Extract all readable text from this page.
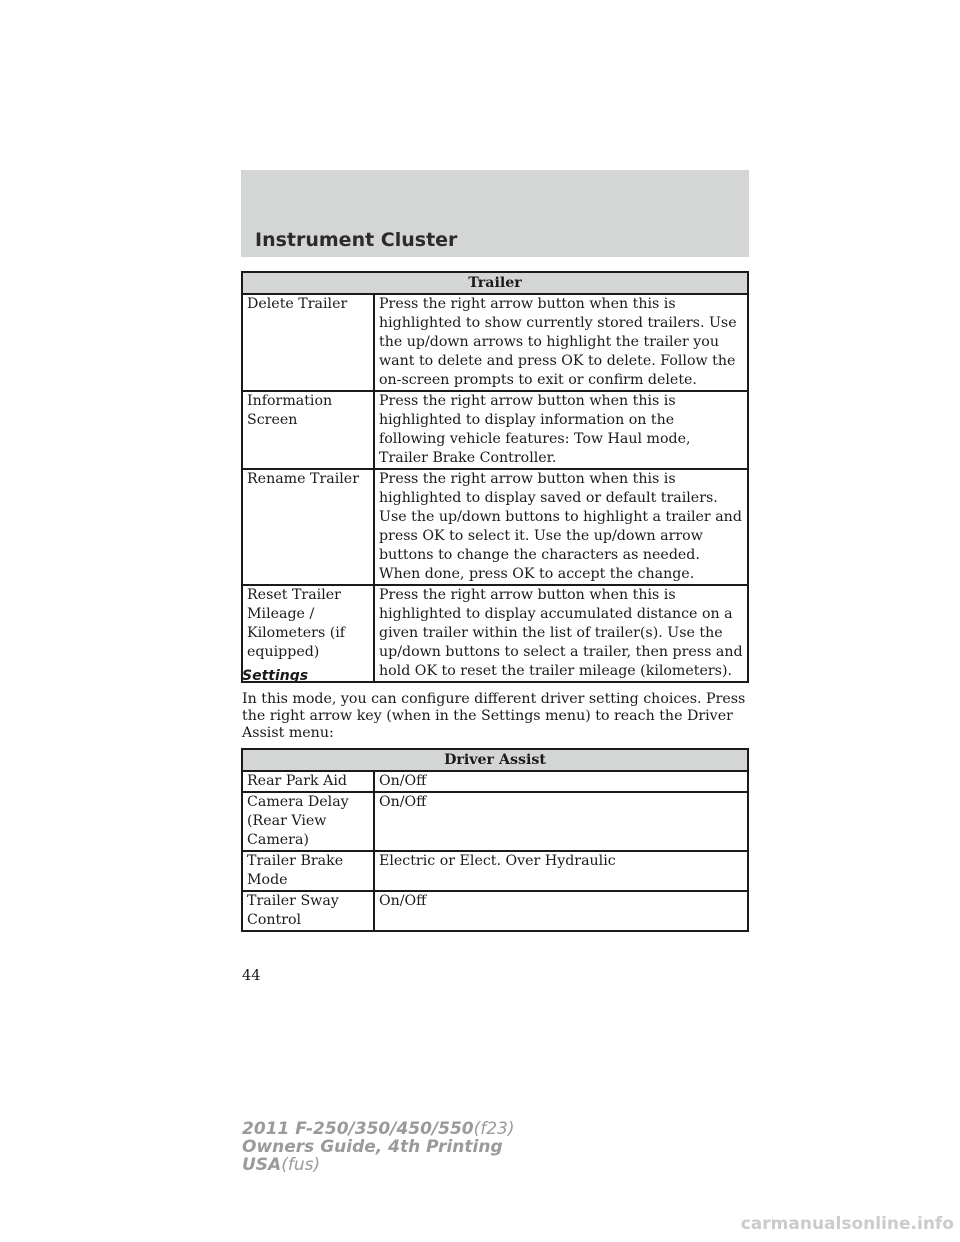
Instrument Cluster
Trailer	
Delete Trailer	Press the right arrow button when this is highlighted to show currently stored trailers. Use the up/down arrows to highlight the trailer you want to delete and press OK to delete. Follow the on-screen prompts to exit or confirm delete.
Information Screen	Press the right arrow button when this is highlighted to display information on the following vehicle features: Tow Haul mode, Trailer Brake Controller.
Rename Trailer	Press the right arrow button when this is highlighted to display saved or default trailers. Use the up/down buttons to highlight a trailer and press OK to select it. Use the up/down arrow buttons to change the characters as needed. When done, press OK to accept the change.
Reset Trailer Mileage / Kilometers (if equipped)	Press the right arrow button when this is highlighted to display accumulated distance on a given trailer within the list of trailer(s). Use the up/down buttons to select a trailer, then press and hold OK to reset the trailer mileage (kilometers).
Settings
In this mode, you can configure different driver setting choices. Press the right arrow key (when in the Settings menu) to reach the Driver Assist menu:
Driver Assist	
Rear Park Aid	On/Off
Camera Delay (Rear View Camera)	On/Off
Trailer Brake Mode	Electric or Elect. Over Hydraulic
Trailer Sway Control	On/Off
44
2011 F-250/350/450/550(f23)
Owners Guide, 4th Printing
USA(fus)
carmanualsonline.info
